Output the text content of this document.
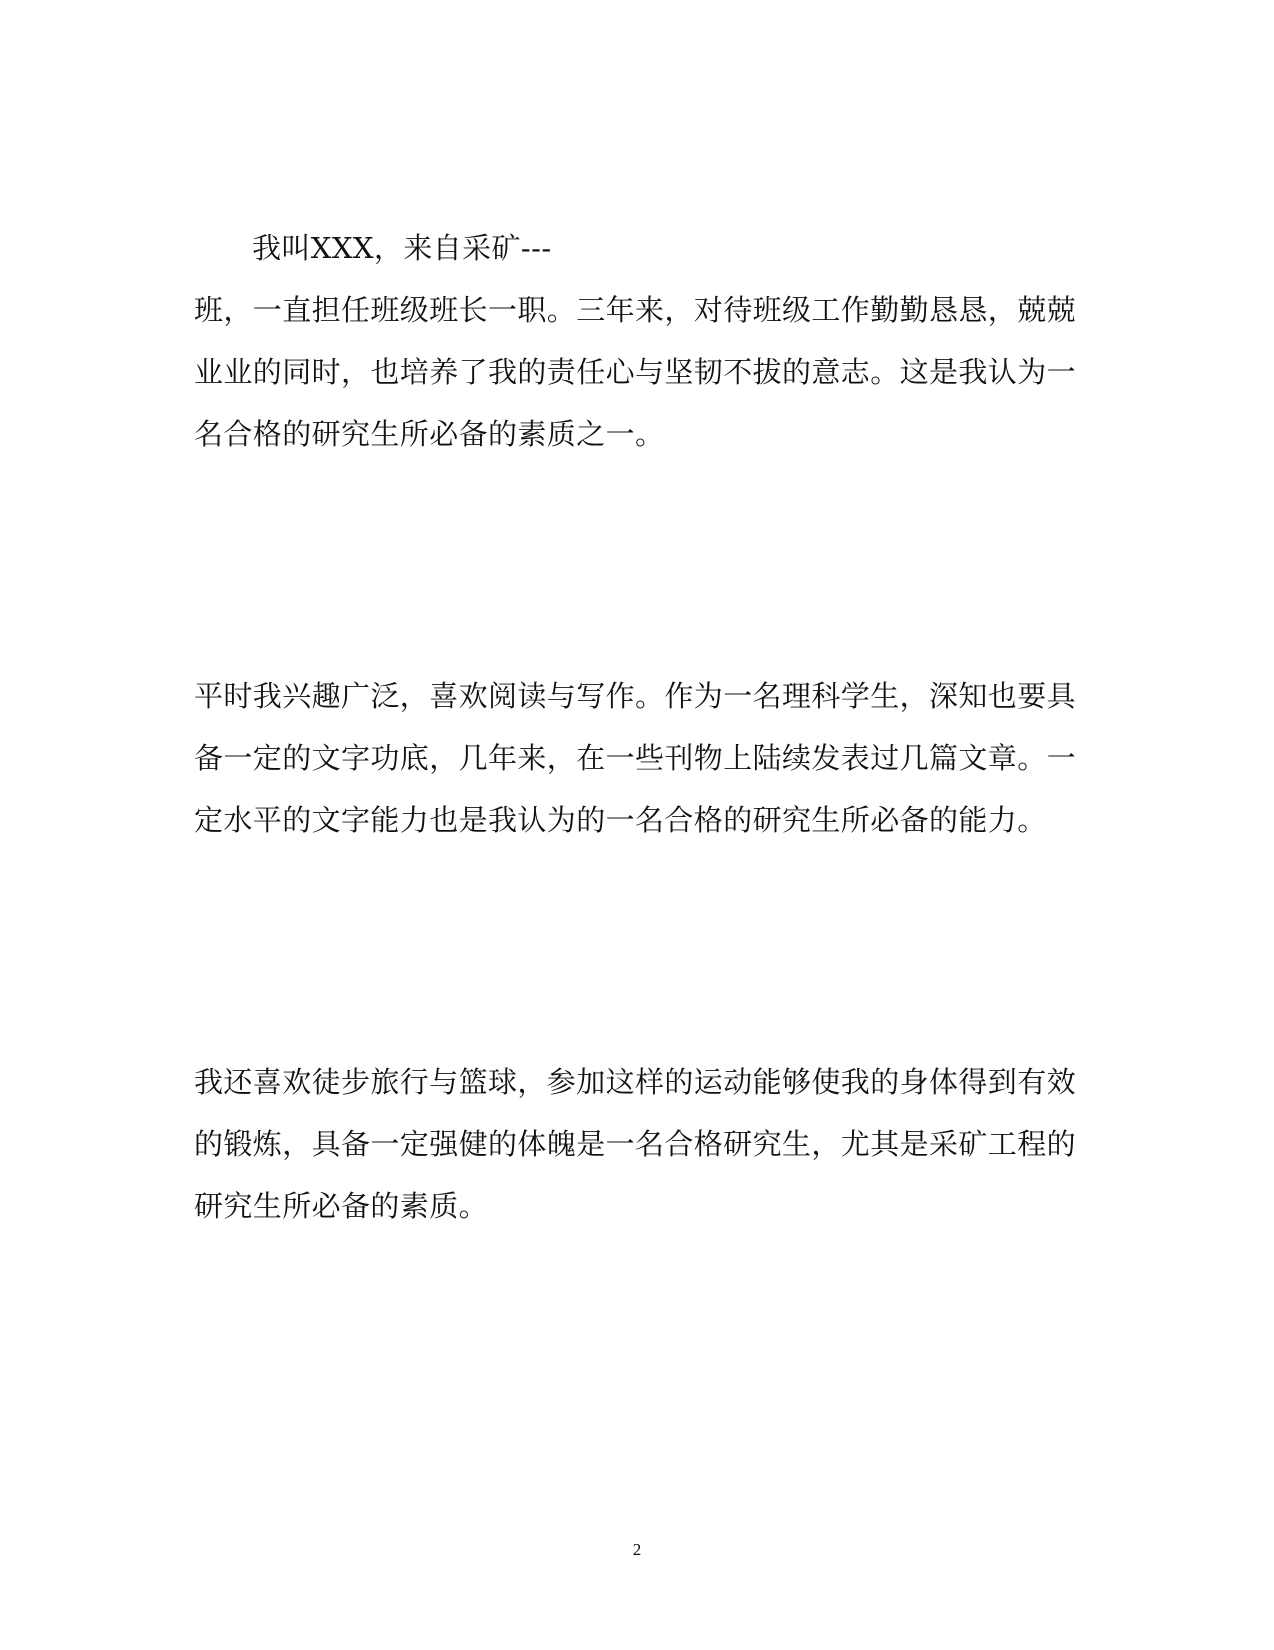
我叫XXX，来自采矿---
班，一直担任班级班长一职。三年来，对待班级工作勤勤恳恳，兢兢
业业的同时，也培养了我的责任心与坚韧不拔的意志。这是我认为一
名合格的研究生所必备的素质之一。
平时我兴趣广泛，喜欢阅读与写作。作为一名理科学生，深知也要具
备一定的文字功底，几年来，在一些刊物上陆续发表过几篇文章。一
定水平的文字能力也是我认为的一名合格的研究生所必备的能力。
我还喜欢徒步旅行与篮球，参加这样的运动能够使我的身体得到有效
的锻炼，具备一定强健的体魄是一名合格研究生，尤其是采矿工程的
研究生所必备的素质。
2
